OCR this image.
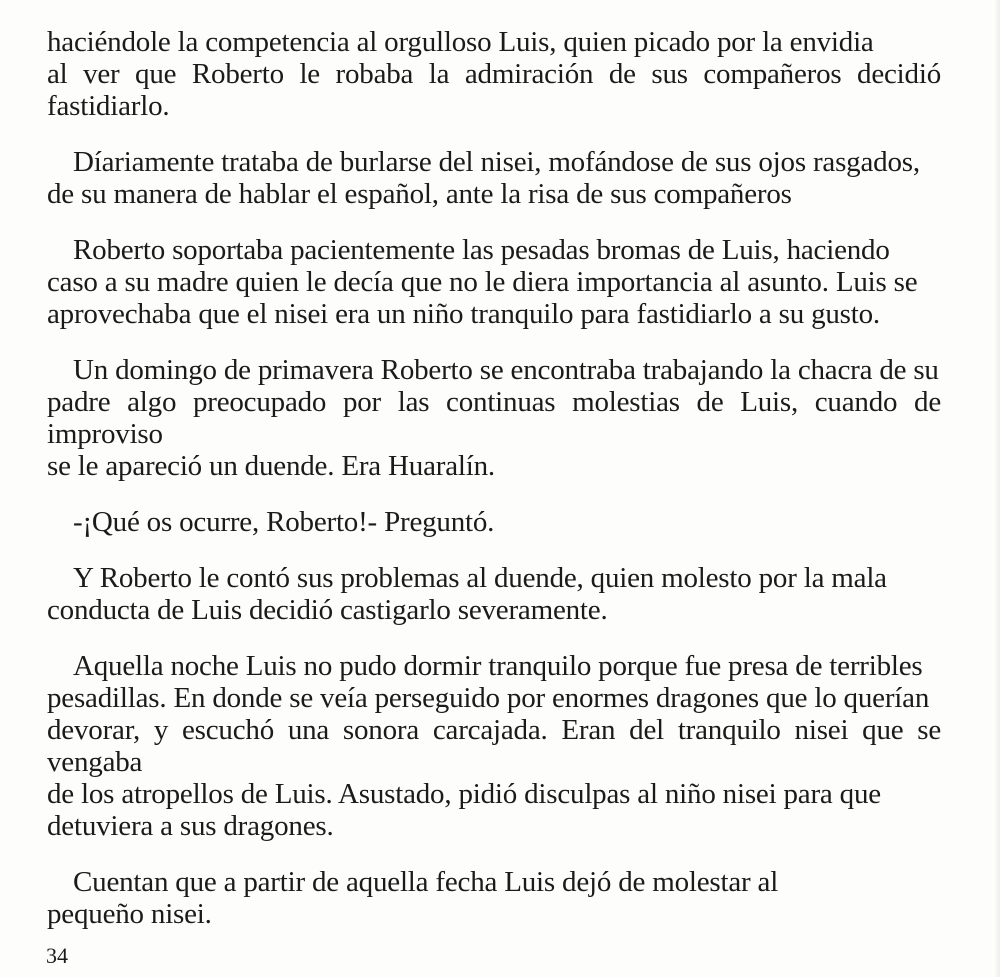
haciéndole la competencia al orgulloso Luis, quien picado por la envidia
al ver que Roberto le robaba la admiración de sus compañeros decidió fastidiarlo.

Díariamente trataba de burlarse del nisei, mofándose de sus ojos rasgados,
de su manera de hablar el español, ante la risa de sus compañeros

Roberto soportaba pacientemente las pesadas bromas de Luis, haciendo
caso a su madre quien le decía que no le diera importancia al asunto. Luis se
aprovechaba que el nisei era un niño tranquilo para fastidiarlo a su gusto.

Un domingo de primavera Roberto se encontraba trabajando la chacra de su
padre algo preocupado por las continuas molestias de Luis, cuando de improviso
se le apareció un duende. Era Huaralín.

-¡Qué os ocurre, Roberto!- Preguntó.

Y Roberto le contó sus problemas al duende, quien molesto por la mala
conducta de Luis decidió castigarlo severamente.

Aquella noche Luis no pudo dormir tranquilo porque fue presa de terribles
pesadillas. En donde se veía perseguido por enormes dragones que lo querían
devorar, y escuchó una sonora carcajada. Eran del tranquilo nisei que se vengaba
de los atropellos de Luis. Asustado, pidió disculpas al niño nisei para que
detuviera a sus dragones.

Cuentan que a partir de aquella fecha Luis dejó de molestar al
pequeño nisei.

34
